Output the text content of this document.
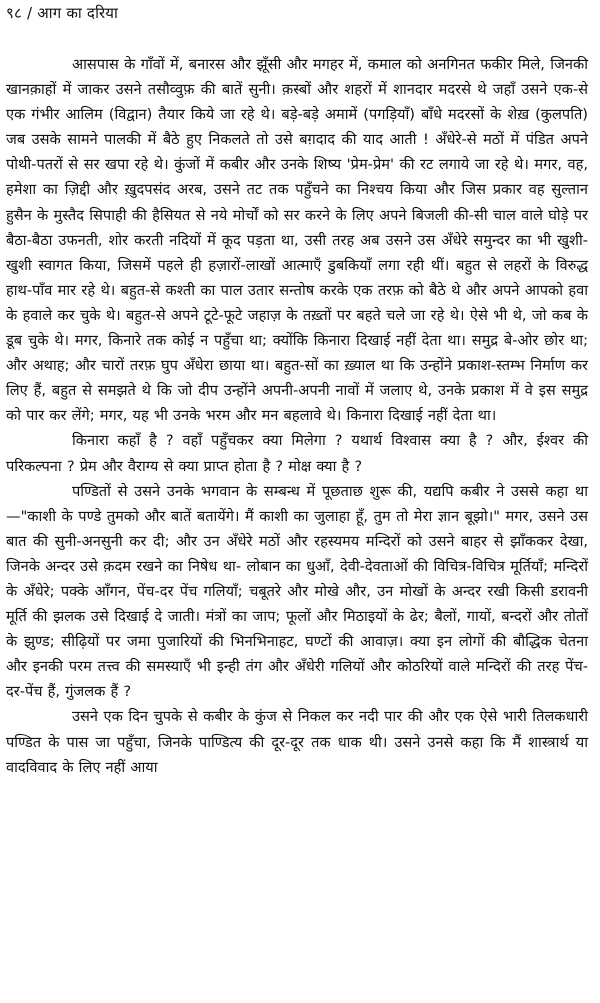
९८ / आग का दरिया

आसपास के गाँवों में, बनारस और झूँसी और मगहर में, कमाल को अनगिनत फकीर मिले, जिनकी खानक़ाहों में जाकर उसने तसौव्वुफ़ की बातें सुनी। क़स्बों और शहरों में शानदार मदरसे थे जहाँ उसने एक-से एक गंभीर आलिम (विद्वान) तैयार किये जा रहे थे। बड़े-बड़े अमामें (पगड़ियाँ) बाँधे मदरसों के शेख़ (कुलपति) जब उसके सामने पालकी में बैठे हुए निकलते तो उसे बग़दाद की याद आती ! अँधेरे-से मठों में पंडित अपने पोथी-पतरों से सर खपा रहे थे। कुंजों में कबीर और उनके शिष्य 'प्रेम-प्रेम' की रट लगाये जा रहे थे। मगर, वह, हमेशा का ज़िद्दी और ख़ुदपसंद अरब, उसने तट तक पहुँचने का निश्चय किया और जिस प्रकार वह सुल्तान हुसैन के मुस्तैद सिपाही की हैसियत से नये मोर्चों को सर करने के लिए अपने बिजली की-सी चाल वाले घोड़े पर बैठा-बैठा उफनती, शोर करती नदियों में कूद पड़ता था, उसी तरह अब उसने उस अँधेरे समुन्दर का भी खुशी-खुशी स्वागत किया, जिसमें पहले ही हज़ारों-लाखों आत्माएँ डुबकियाँ लगा रही थीं। बहुत से लहरों के विरुद्ध हाथ-पाँव मार रहे थे। बहुत-से कश्ती का पाल उतार सन्तोष करके एक तरफ़ को बैठे थे और अपने आपको हवा के हवाले कर चुके थे। बहुत-से अपने टूटे-फूटे जहाज़ के तख़्तों पर बहते चले जा रहे थे। ऐसे भी थे, जो कब के डूब चुके थे। मगर, किनारे तक कोई न पहुँचा था; क्योंकि किनारा दिखाई नहीं देता था। समुद्र बे-ओर छोर था; और अथाह; और चारों तरफ़ घुप अँधेरा छाया था। बहुत-सों का ख़्याल था कि उन्होंने प्रकाश-स्तम्भ निर्माण कर लिए हैं, बहुत से समझते थे कि जो दीप उन्होंने अपनी-अपनी नावों में जलाए थे, उनके प्रकाश में वे इस समुद्र को पार कर लेंगे; मगर, यह भी उनके भरम और मन बहलावे थे। किनारा दिखाई नहीं देता था।

किनारा कहाँ है ? वहाँ पहुँचकर क्या मिलेगा ? यथार्थ विश्वास क्या है ? और, ईश्वर की परिकल्पना ? प्रेम और वैराग्य से क्या प्राप्त होता है ? मोक्ष क्या है ?

पण्डितों से उसने उनके भगवान के सम्बन्ध में पूछताछ शुरू की, यद्यपि कबीर ने उससे कहा था—"काशी के पण्डे तुमको और बातें बतायेंगे। मैं काशी का जुलाहा हूँ, तुम तो मेरा ज्ञान बूझो।" मगर, उसने उस बात की सुनी-अनसुनी कर दी; और उन अँधेरे मठों और रहस्यमय मन्दिरों को उसने बाहर से झाँककर देखा, जिनके अन्दर उसे क़दम रखने का निषेध था- लोबान का धुआँ, देवी-देवताओं की विचित्र-विचित्र मूर्तियाँ; मन्दिरों के अँधेरे; पक्के आँगन, पेंच-दर पेंच गलियाँ; चबूतरे और मोखे और, उन मोखों के अन्दर रखी किसी डरावनी मूर्ति की झलक उसे दिखाई दे जाती। मंत्रों का जाप; फूलों और मिठाइयों के ढेर; बैलों, गायों, बन्दरों और तोतों के झुण्ड; सीढ़ियों पर जमा पुजारियों की भिनभिनाहट, घण्टों की आवाज़। क्या इन लोगों की बौद्धिक चेतना और इनकी परम तत्त्व की समस्याएँ भी इन्ही तंग और अँधेरी गलियों और कोठरियों वाले मन्दिरों की तरह पेंच-दर-पेंच हैं, गुंजलक हैं ?

उसने एक दिन चुपके से कबीर के कुंज से निकल कर नदी पार की और एक ऐसे भारी तिलकधारी पण्डित के पास जा पहुँचा, जिनके पाण्डित्य की दूर-दूर तक धाक थी। उसने उनसे कहा कि मैं शास्त्रार्थ या वादविवाद के लिए नहीं आया
